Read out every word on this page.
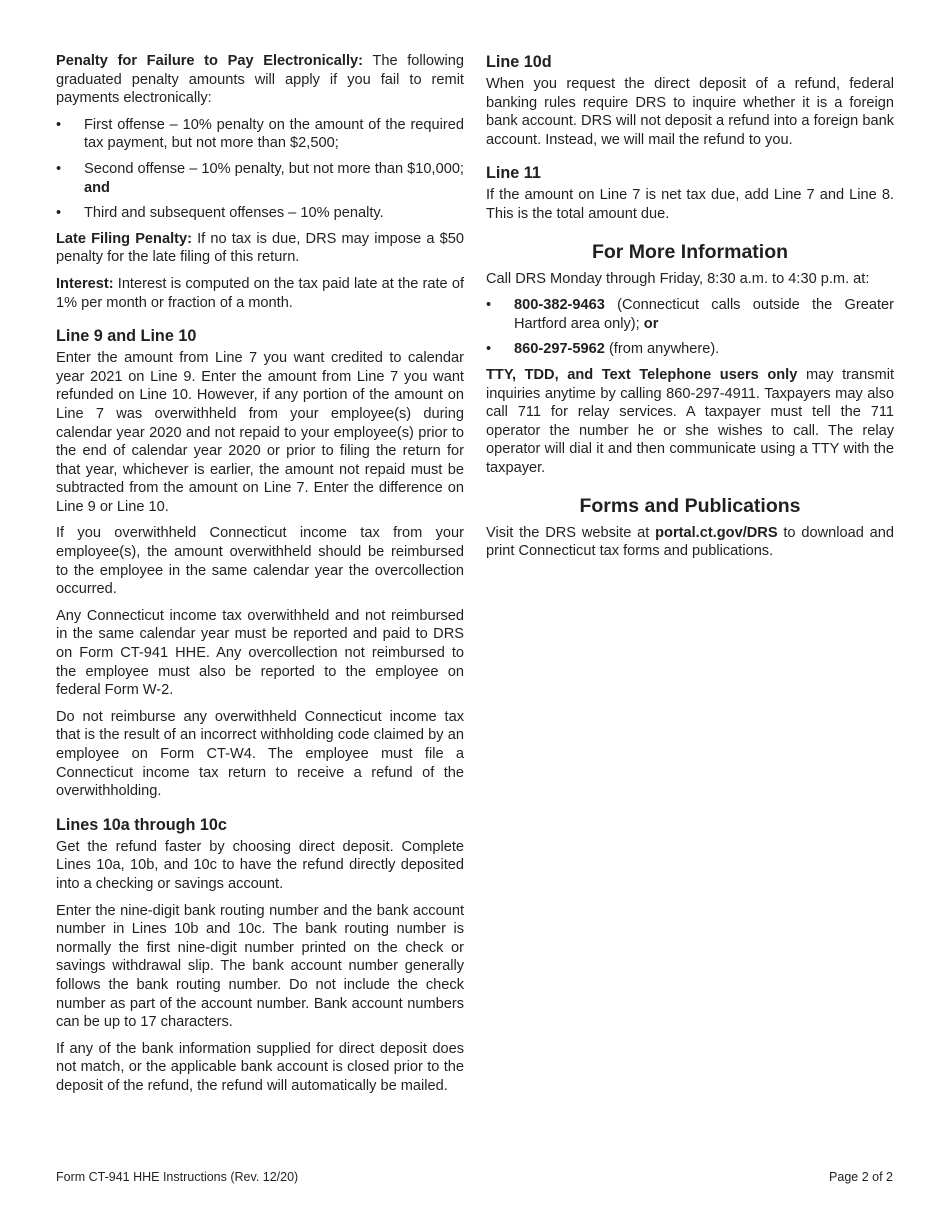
Penalty for Failure to Pay Electronically: The following graduated penalty amounts will apply if you fail to remit payments electronically:

• First offense – 10% penalty on the amount of the required tax payment, but not more than $2,500;
• Second offense – 10% penalty, but not more than $10,000; and
• Third and subsequent offenses – 10% penalty.

Late Filing Penalty: If no tax is due, DRS may impose a $50 penalty for the late filing of this return.

Interest: Interest is computed on the tax paid late at the rate of 1% per month or fraction of a month.

Line 9 and Line 10

Enter the amount from Line 7 you want credited to calendar year 2021 on Line 9. Enter the amount from Line 7 you want refunded on Line 10. However, if any portion of the amount on Line 7 was overwithheld from your employee(s) during calendar year 2020 and not repaid to your employee(s) prior to the end of calendar year 2020 or prior to filing the return for that year, whichever is earlier, the amount not repaid must be subtracted from the amount on Line 7. Enter the difference on Line 9 or Line 10.

If you overwithheld Connecticut income tax from your employee(s), the amount overwithheld should be reimbursed to the employee in the same calendar year the overcollection occurred.

Any Connecticut income tax overwithheld and not reimbursed in the same calendar year must be reported and paid to DRS on Form CT-941 HHE. Any overcollection not reimbursed to the employee must also be reported to the employee on federal Form W-2.

Do not reimburse any overwithheld Connecticut income tax that is the result of an incorrect withholding code claimed by an employee on Form CT-W4. The employee must file a Connecticut income tax return to receive a refund of the overwithholding.

Lines 10a through 10c

Get the refund faster by choosing direct deposit. Complete Lines 10a, 10b, and 10c to have the refund directly deposited into a checking or savings account.

Enter the nine-digit bank routing number and the bank account number in Lines 10b and 10c. The bank routing number is normally the first nine-digit number printed on the check or savings withdrawal slip. The bank account number generally follows the bank routing number. Do not include the check number as part of the account number. Bank account numbers can be up to 17 characters.

If any of the bank information supplied for direct deposit does not match, or the applicable bank account is closed prior to the deposit of the refund, the refund will automatically be mailed.

Line 10d

When you request the direct deposit of a refund, federal banking rules require DRS to inquire whether it is a foreign bank account. DRS will not deposit a refund into a foreign bank account. Instead, we will mail the refund to you.

Line 11

If the amount on Line 7 is net tax due, add Line 7 and Line 8. This is the total amount due.

For More Information

Call DRS Monday through Friday, 8:30 a.m. to 4:30 p.m. at:

• 800-382-9463 (Connecticut calls outside the Greater Hartford area only); or
• 860-297-5962 (from anywhere).

TTY, TDD, and Text Telephone users only may transmit inquiries anytime by calling 860-297-4911. Taxpayers may also call 711 for relay services. A taxpayer must tell the 711 operator the number he or she wishes to call. The relay operator will dial it and then communicate using a TTY with the taxpayer.

Forms and Publications

Visit the DRS website at portal.ct.gov/DRS to download and print Connecticut tax forms and publications.

Form CT-941 HHE Instructions (Rev. 12/20)	Page 2 of 2
